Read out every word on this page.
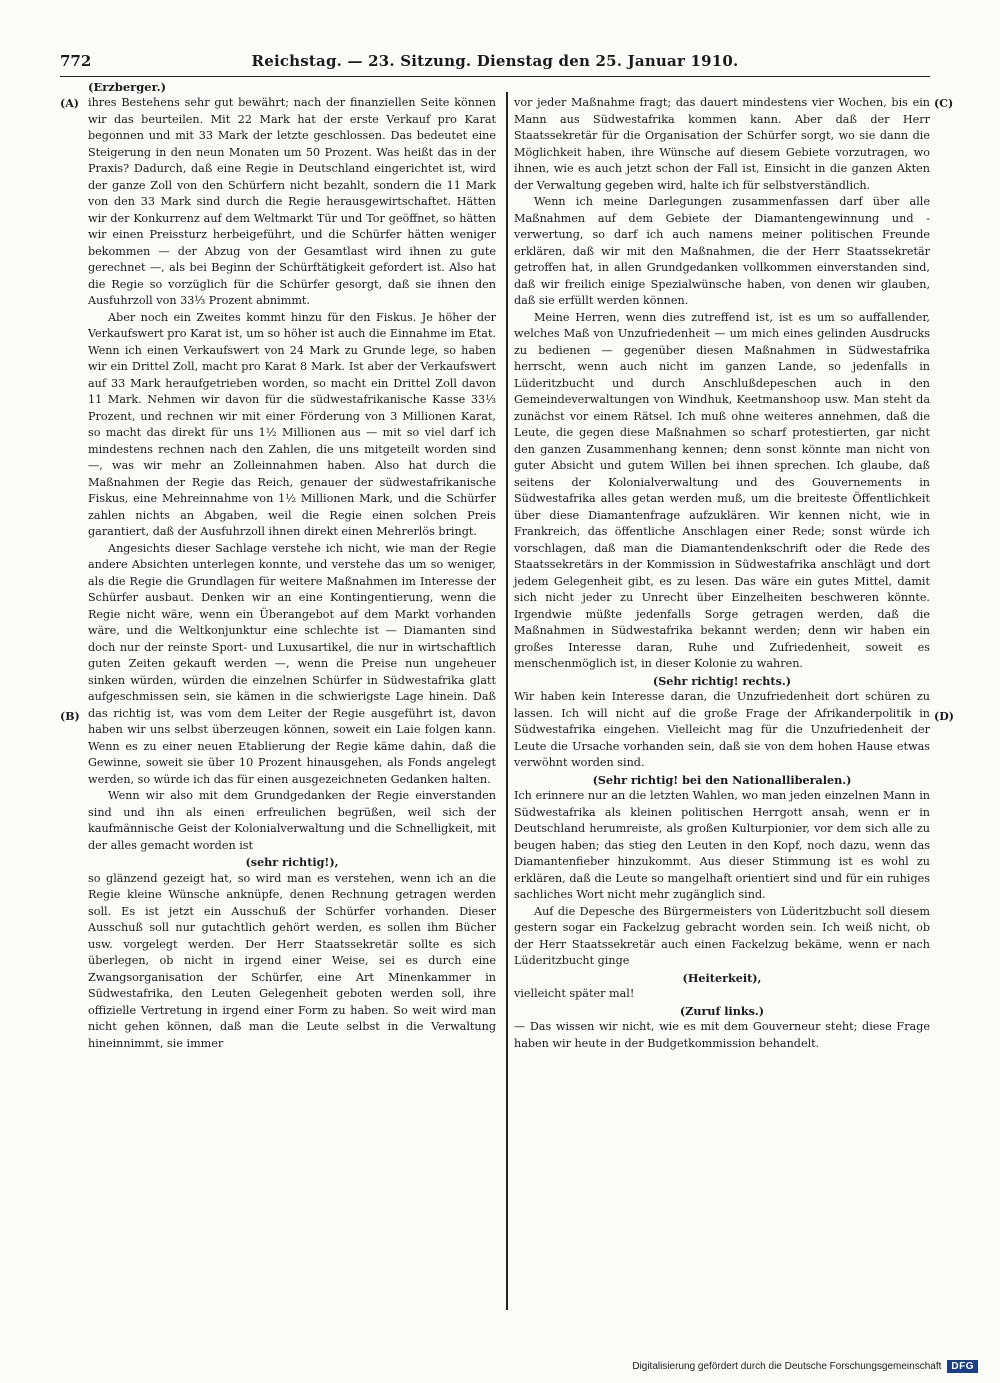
772	Reichstag. — 23. Sitzung. Dienstag den 25. Januar 1910.
(Erzberger.)
(A)
(B)
(C)
(D)

ihres Bestehens sehr gut bewährt; nach der finanziellen Seite können wir das beurteilen. Mit 22 Mark hat der erste Verkauf pro Karat begonnen und mit 33 Mark der letzte geschlossen. Das bedeutet eine Steigerung in den neun Monaten um 50 Prozent. Was heißt das in der Praxis? Dadurch, daß eine Regie in Deutschland eingerichtet ist, wird der ganze Zoll von den Schürfern nicht bezahlt, sondern die 11 Mark von den 33 Mark sind durch die Regie herausgewirtschaftet. Hätten wir der Konkurrenz auf dem Weltmarkt Tür und Tor geöffnet, so hätten wir einen Preissturz herbeigeführt, und die Schürfer hätten weniger bekommen — der Abzug von der Gesamtlast wird ihnen zu gute gerechnet —, als bei Beginn der Schürftätigkeit gefordert ist. Also hat die Regie so vorzüglich für die Schürfer gesorgt, daß sie ihnen den Ausfuhrzoll von 33⅓ Prozent abnimmt.

Aber noch ein Zweites kommt hinzu für den Fiskus. Je höher der Verkaufswert pro Karat ist, um so höher ist auch die Einnahme im Etat. Wenn ich einen Verkaufswert von 24 Mark zu Grunde lege, so haben wir ein Drittel Zoll, macht pro Karat 8 Mark. Ist aber der Verkaufswert auf 33 Mark heraufgetrieben worden, so macht ein Drittel Zoll davon 11 Mark. Nehmen wir davon für die südwestafrikanische Kasse 33⅓ Prozent, und rechnen wir mit einer Förderung von 3 Millionen Karat, so macht das direkt für uns 1½ Millionen aus — mit so viel darf ich mindestens rechnen nach den Zahlen, die uns mitgeteilt worden sind —, was wir mehr an Zolleinnahmen haben. Also hat durch die Maßnahmen der Regie das Reich, genauer der südwestafrikanische Fiskus, eine Mehreinnahme von 1½ Millionen Mark, und die Schürfer zahlen nichts an Abgaben, weil die Regie einen solchen Preis garantiert, daß der Ausfuhrzoll ihnen direkt einen Mehrerlös bringt.

Angesichts dieser Sachlage verstehe ich nicht, wie man der Regie andere Absichten unterlegen konnte, und verstehe das um so weniger, als die Regie die Grundlagen für weitere Maßnahmen im Interesse der Schürfer ausbaut. Denken wir an eine Kontingentierung, wenn die Regie nicht wäre, wenn ein Überangebot auf dem Markt vorhanden wäre, und die Weltkonjunktur eine schlechte ist — Diamanten sind doch nur der reinste Sport- und Luxusartikel, die nur in wirtschaftlich guten Zeiten gekauft werden —, wenn die Preise nun ungeheuer sinken würden, würden die einzelnen Schürfer in Südwestafrika glatt aufgeschmissen sein, sie kämen in die schwierigste Lage hinein. Daß das richtig ist, was vom dem Leiter der Regie ausgeführt ist, davon haben wir uns selbst überzeugen können, soweit ein Laie folgen kann. Wenn es zu einer neuen Etablierung der Regie käme dahin, daß die Gewinne, soweit sie über 10 Prozent hinausgehen, als Fonds angelegt werden, so würde ich das für einen ausgezeichneten Gedanken halten.

Wenn wir also mit dem Grundgedanken der Regie einverstanden sind und ihn als einen erfreulichen begrüßen, weil sich der kaufmännische Geist der Kolonialverwaltung und die Schnelligkeit, mit der alles gemacht worden ist

(sehr richtig!),

so glänzend gezeigt hat, so wird man es verstehen, wenn ich an die Regie kleine Wünsche anknüpfe, denen Rechnung getragen werden soll. Es ist jetzt ein Ausschuß der Schürfer vorhanden. Dieser Ausschuß soll nur gutachtlich gehört werden, es sollen ihm Bücher usw. vorgelegt werden. Der Herr Staatssekretär sollte es sich überlegen, ob nicht in irgend einer Weise, sei es durch eine Zwangsorganisation der Schürfer, eine Art Minenkammer in Südwestafrika, den Leuten Gelegenheit geboten werden soll, ihre offizielle Vertretung in irgend einer Form zu haben. So weit wird man nicht gehen können, daß man die Leute selbst in die Verwaltung hineinnimmt, sie immer

vor jeder Maßnahme fragt; das dauert mindestens vier Wochen, bis ein Mann aus Südwestafrika kommen kann. Aber daß der Herr Staatssekretär für die Organisation der Schürfer sorgt, wo sie dann die Möglichkeit haben, ihre Wünsche auf diesem Gebiete vorzutragen, wo ihnen, wie es auch jetzt schon der Fall ist, Einsicht in die ganzen Akten der Verwaltung gegeben wird, halte ich für selbstverständlich.

Wenn ich meine Darlegungen zusammenfassen darf über alle Maßnahmen auf dem Gebiete der Diamantengewinnung und -verwertung, so darf ich auch namens meiner politischen Freunde erklären, daß wir mit den Maßnahmen, die der Herr Staatssekretär getroffen hat, in allen Grundgedanken vollkommen einverstanden sind, daß wir freilich einige Spezialwünsche haben, von denen wir glauben, daß sie erfüllt werden können.

Meine Herren, wenn dies zutreffend ist, ist es um so auffallender, welches Maß von Unzufriedenheit — um mich eines gelinden Ausdrucks zu bedienen — gegenüber diesen Maßnahmen in Südwestafrika herrscht, wenn auch nicht im ganzen Lande, so jedenfalls in Lüderitzbucht und durch Anschlußdepeschen auch in den Gemeindeverwaltungen von Windhuk, Keetmanshoop usw. Man steht da zunächst vor einem Rätsel. Ich muß ohne weiteres annehmen, daß die Leute, die gegen diese Maßnahmen so scharf protestierten, gar nicht den ganzen Zusammenhang kennen; denn sonst könnte man nicht von guter Absicht und gutem Willen bei ihnen sprechen. Ich glaube, daß seitens der Kolonialverwaltung und des Gouvernements in Südwestafrika alles getan werden muß, um die breiteste Öffentlichkeit über diese Diamantenfrage aufzuklären. Wir kennen nicht, wie in Frankreich, das öffentliche Anschlagen einer Rede; sonst würde ich vorschlagen, daß man die Diamantendenkschrift oder die Rede des Staatssekretärs in der Kommission in Südwestafrika anschlägt und dort jedem Gelegenheit gibt, es zu lesen. Das wäre ein gutes Mittel, damit sich nicht jeder zu Unrecht über Einzelheiten beschweren könnte. Irgendwie müßte jedenfalls Sorge getragen werden, daß die Maßnahmen in Südwestafrika bekannt werden; denn wir haben ein großes Interesse daran, Ruhe und Zufriedenheit, soweit es menschenmöglich ist, in dieser Kolonie zu wahren.

(Sehr richtig! rechts.)

Wir haben kein Interesse daran, die Unzufriedenheit dort schüren zu lassen. Ich will nicht auf die große Frage der Afrikanderpolitik in Südwestafrika eingehen. Vielleicht mag für die Unzufriedenheit der Leute die Ursache vorhanden sein, daß sie von dem hohen Hause etwas verwöhnt worden sind.

(Sehr richtig! bei den Nationalliberalen.)

Ich erinnere nur an die letzten Wahlen, wo man jeden einzelnen Mann in Südwestafrika als kleinen politischen Herrgott ansah, wenn er in Deutschland herumreiste, als großen Kulturpionier, vor dem sich alle zu beugen haben; das stieg den Leuten in den Kopf, noch dazu, wenn das Diamantenfieber hinzukommt. Aus dieser Stimmung ist es wohl zu erklären, daß die Leute so mangelhaft orientiert sind und für ein ruhiges sachliches Wort nicht mehr zugänglich sind.

Auf die Depesche des Bürgermeisters von Lüderitzbucht soll diesem gestern sogar ein Fackelzug gebracht worden sein. Ich weiß nicht, ob der Herr Staatssekretär auch einen Fackelzug bekäme, wenn er nach Lüderitzbucht ginge

(Heiterkeit),

vielleicht später mal!

(Zuruf links.)

— Das wissen wir nicht, wie es mit dem Gouverneur steht; diese Frage haben wir heute in der Budgetkommission behandelt.

Digitalisierung gefördert durch die Deutsche Forschungsgemeinschaft	DFG
